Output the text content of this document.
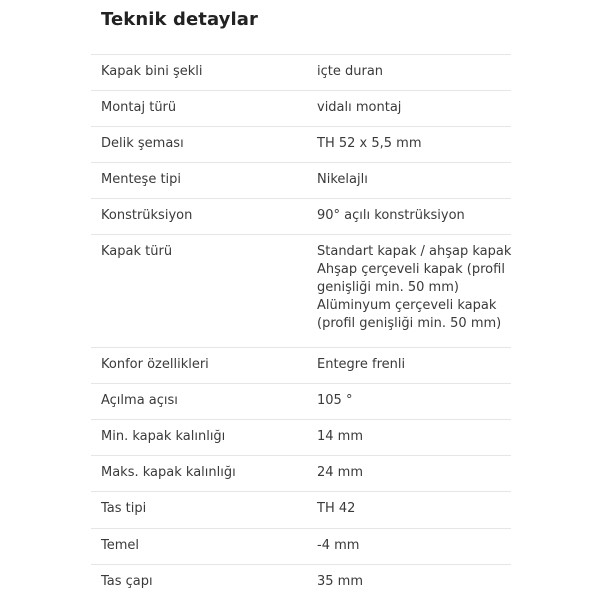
Teknik detaylar
Kapak bini şekli	içte duran
Montaj türü	vidalı montaj
Delik şeması	TH 52 x 5,5 mm
Menteşe tipi	Nikelajlı
Konstrüksiyon	90° açılı konstrüksiyon
Kapak türü	Standart kapak / ahşap kapak
Ahşap çerçeveli kapak (profil
genişliği min. 50 mm)
Alüminyum çerçeveli kapak
(profil genişliği min. 50 mm)
Konfor özellikleri	Entegre frenli
Açılma açısı	105 °
Min. kapak kalınlığı	14 mm
Maks. kapak kalınlığı	24 mm
Tas tipi	TH 42
Temel	-4 mm
Tas çapı	35 mm
